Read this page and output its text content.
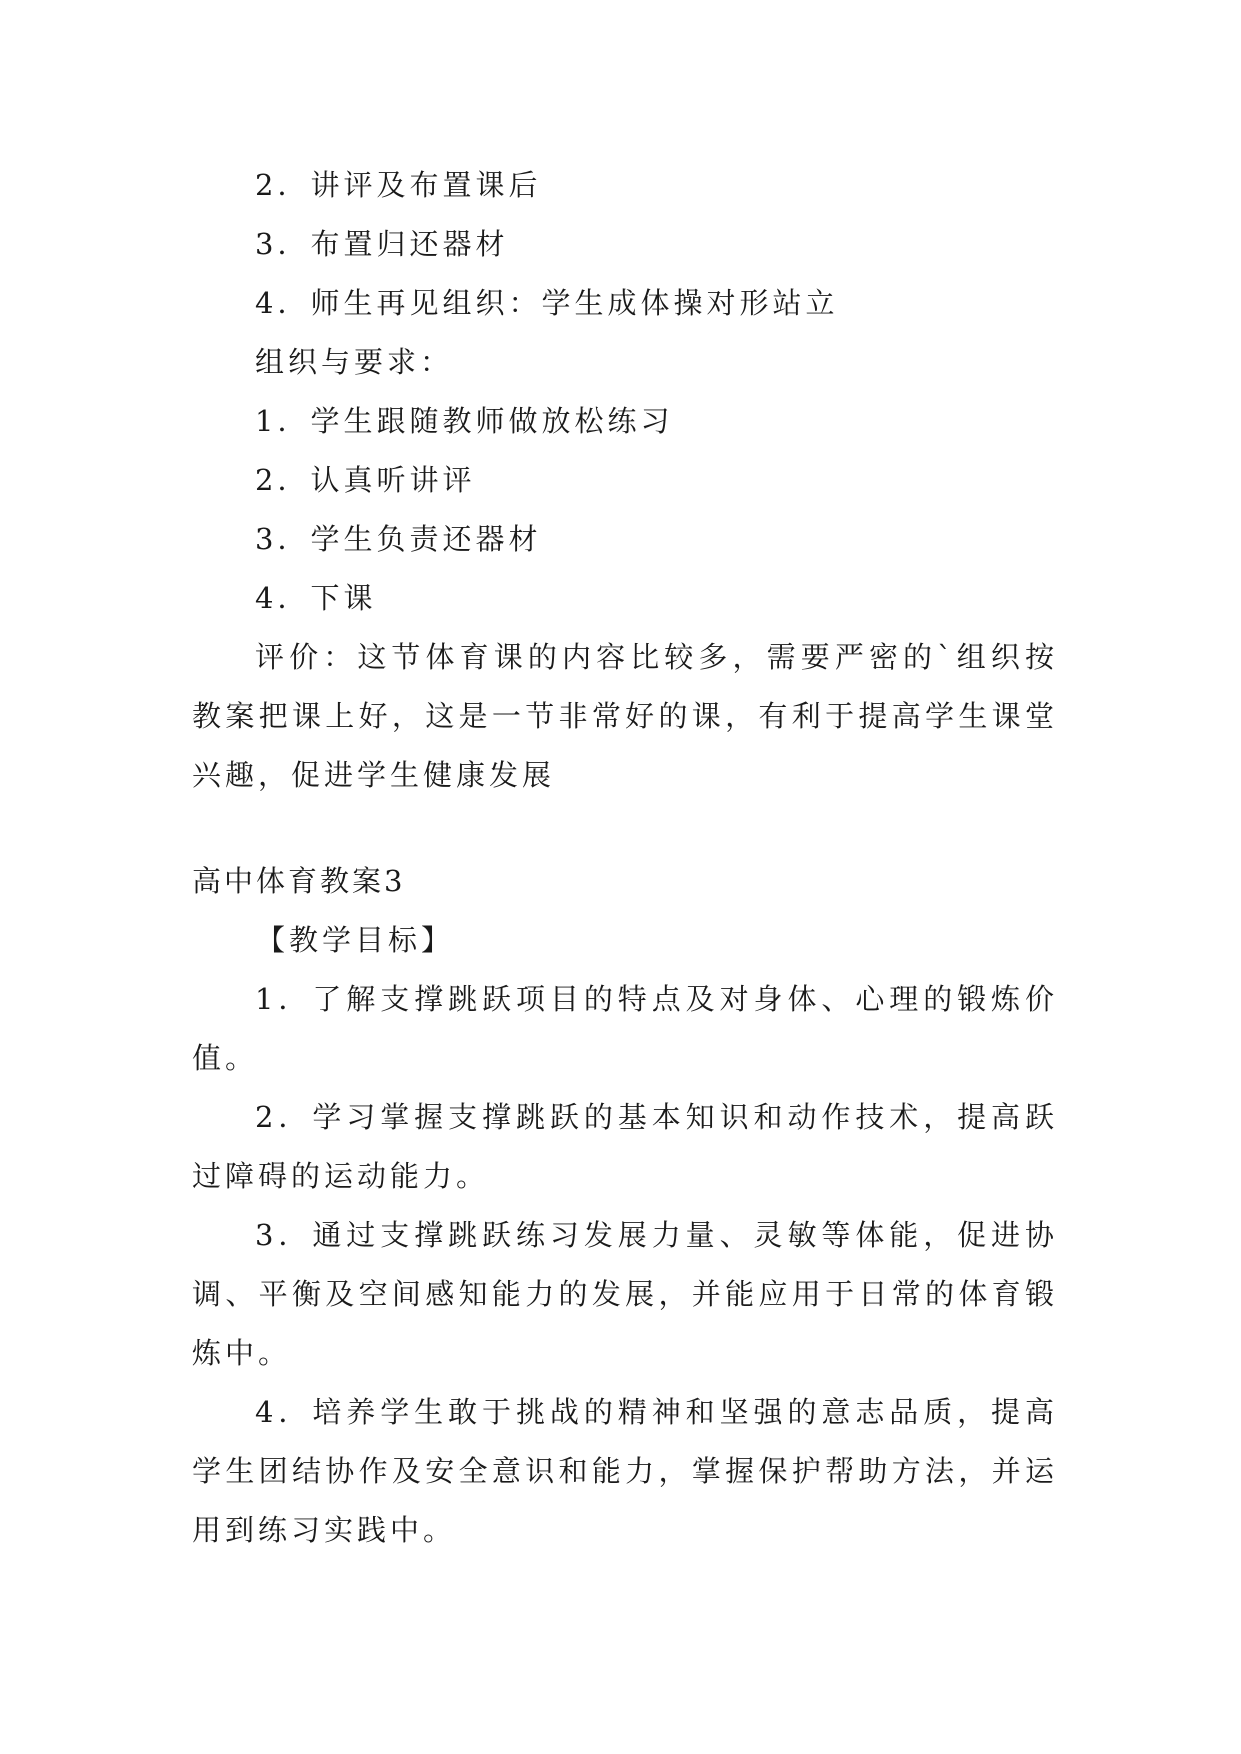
2．讲评及布置课后
3．布置归还器材
4．师生再见组织：学生成体操对形站立
组织与要求：
1．学生跟随教师做放松练习
2．认真听讲评
3．学生负责还器材
4．下课
评价：这节体育课的内容比较多，需要严密的`组织按教案把课上好，这是一节非常好的课，有利于提高学生课堂兴趣，促进学生健康发展
高中体育教案3
【教学目标】
1．了解支撑跳跃项目的特点及对身体、心理的锻炼价值。
2．学习掌握支撑跳跃的基本知识和动作技术，提高跃过障碍的运动能力。
3．通过支撑跳跃练习发展力量、灵敏等体能，促进协调、平衡及空间感知能力的发展，并能应用于日常的体育锻炼中。
4．培养学生敢于挑战的精神和坚强的意志品质，提高学生团结协作及安全意识和能力，掌握保护帮助方法，并运用到练习实践中。
